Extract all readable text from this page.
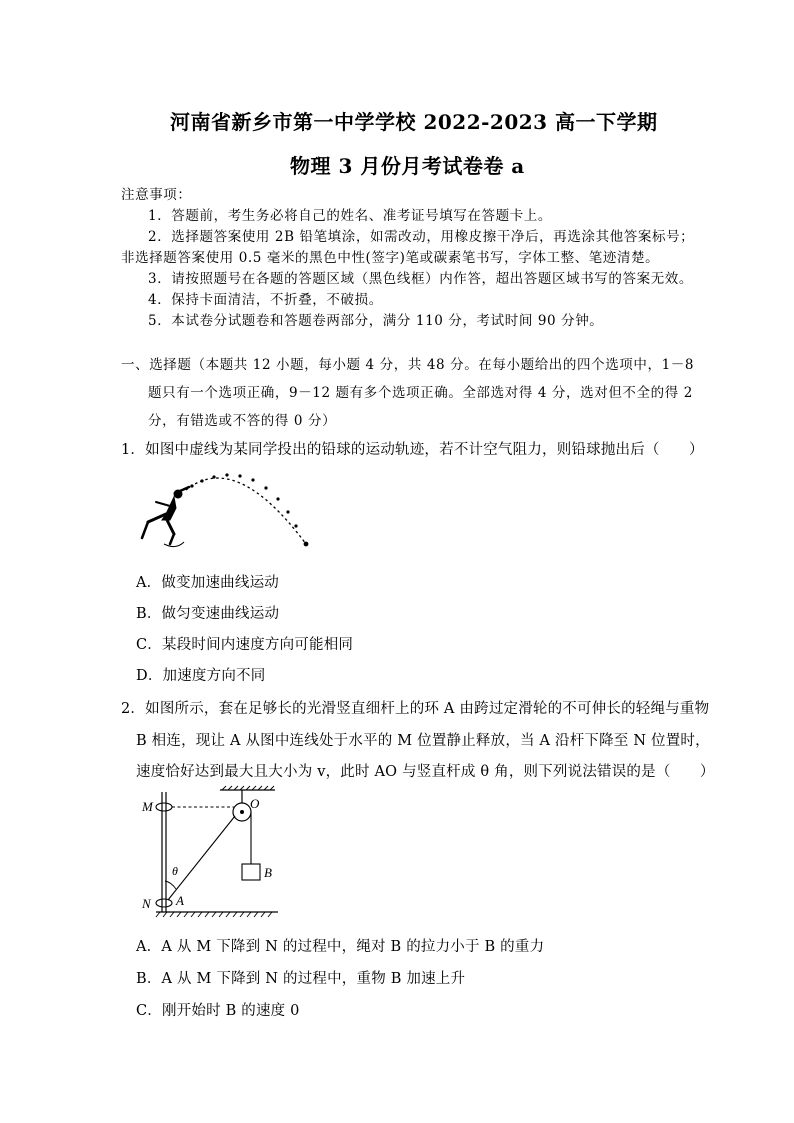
河南省新乡市第一中学学校 2022-2023 高一下学期
物理 3 月份月考试卷卷 a
注意事项：
1．答题前，考生务必将自己的姓名、准考证号填写在答题卡上。
2．选择题答案使用 2B 铅笔填涂，如需改动，用橡皮擦干净后，再选涂其他答案标号；
非选择题答案使用 0.5 毫米的黑色中性(签字)笔或碳素笔书写，字体工整、笔迹清楚。
3．请按照题号在各题的答题区域（黑色线框）内作答，超出答题区域书写的答案无效。
4．保持卡面清洁，不折叠，不破损。
5．本试卷分试题卷和答题卷两部分，满分 110 分，考试时间 90 分钟。
一、选择题（本题共 12 小题，每小题 4 分，共 48 分。在每小题给出的四个选项中，1－8
题只有一个选项正确，9－12 题有多个选项正确。全部选对得 4 分，选对但不全的得 2
分，有错选或不答的得 0 分）
1．如图中虚线为某同学投出的铅球的运动轨迹，若不计空气阻力，则铅球抛出后（　　）
A．做变加速曲线运动
B．做匀变速曲线运动
C．某段时间内速度方向可能相同
D．加速度方向不同
2．如图所示，套在足够长的光滑竖直细杆上的环 A 由跨过定滑轮的不可伸长的轻绳与重物
B 相连，现让 A 从图中连线处于水平的 M 位置静止释放，当 A 沿杆下降至 N 位置时，
速度恰好达到最大且大小为 v，此时 AO 与竖直杆成 θ 角，则下列说法错误的是（　　）
M	O
N A
B
θ
A．A 从 M 下降到 N 的过程中，绳对 B 的拉力小于 B 的重力
B．A 从 M 下降到 N 的过程中，重物 B 加速上升
C．刚开始时 B 的速度 0
